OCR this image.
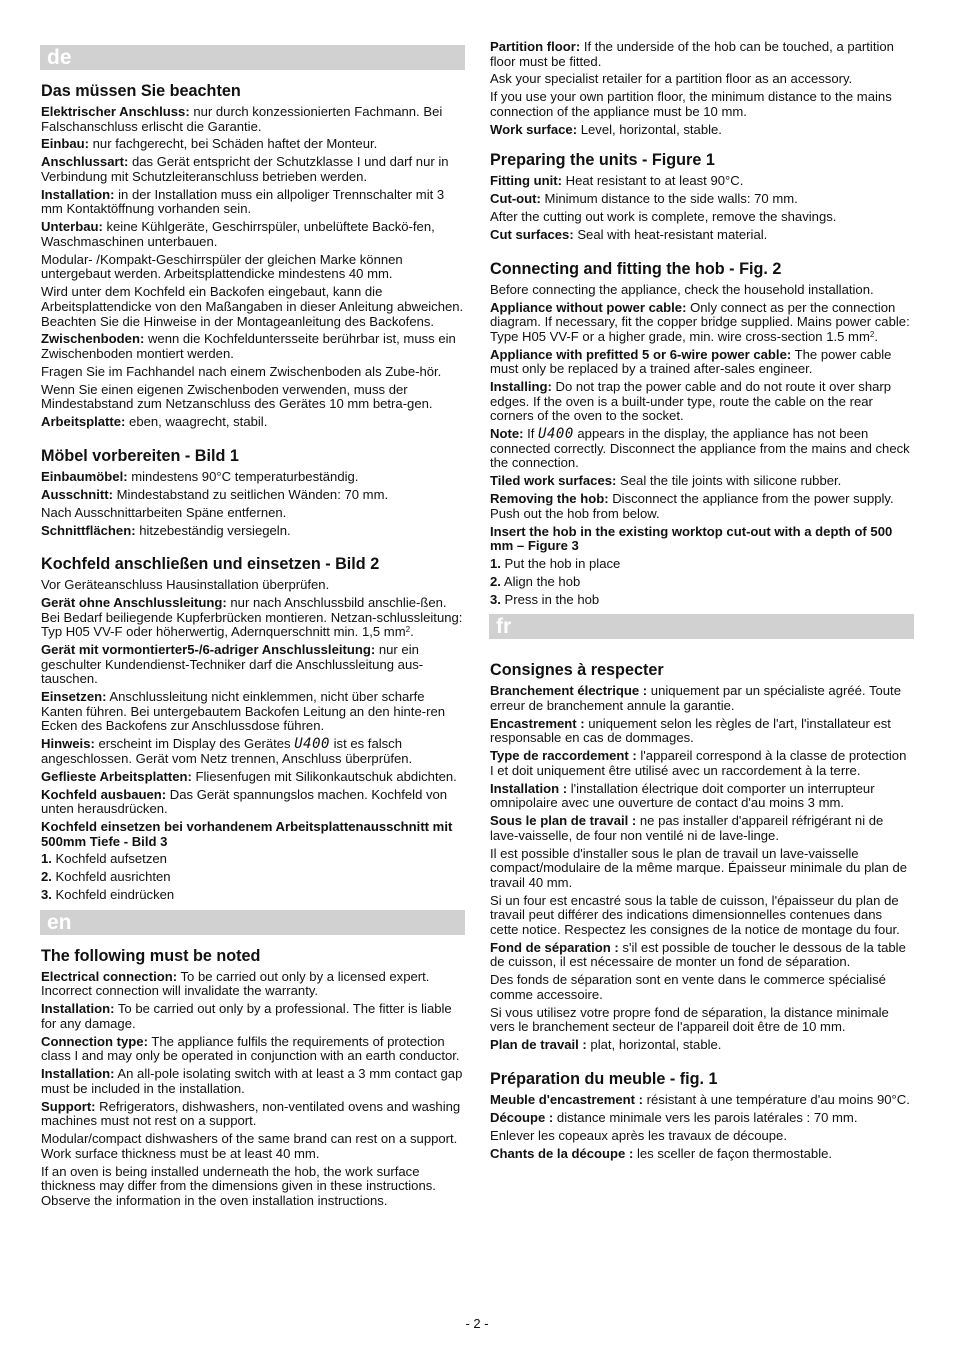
de
Das müssen Sie beachten
Elektrischer Anschluss: nur durch konzessionierten Fachmann. Bei Falschanschluss erlischt die Garantie.
Einbau: nur fachgerecht, bei Schäden haftet der Monteur.
Anschlussart: das Gerät entspricht der Schutzklasse I und darf nur in Verbindung mit Schutzleiteranschluss betrieben werden.
Installation: in der Installation muss ein allpoliger Trennschalter mit 3 mm Kontaktöffnung vorhanden sein.
Unterbau: keine Kühlgeräte, Geschirrspüler, unbelüftete Backö-fen, Waschmaschinen unterbauen.
Modular- /Kompakt-Geschirrspüler der gleichen Marke können untergebaut werden. Arbeitsplattendicke mindestens 40 mm.
Wird unter dem Kochfeld ein Backofen eingebaut, kann die Arbeitsplattendicke von den Maßangaben in dieser Anleitung abweichen. Beachten Sie die Hinweise in der Montageanleitung des Backofens.
Zwischenboden: wenn die Kochfelduntersseite berührbar ist, muss ein Zwischenboden montiert werden.
Fragen Sie im Fachhandel nach einem Zwischenboden als Zube-hör.
Wenn Sie einen eigenen Zwischenboden verwenden, muss der Mindestabstand zum Netzanschluss des Gerätes 10 mm betra-gen.
Arbeitsplatte: eben, waagrecht, stabil.
Möbel vorbereiten - Bild 1
Einbaumöbel: mindestens 90°C temperaturbeständig.
Ausschnitt: Mindestabstand zu seitlichen Wänden: 70 mm.
Nach Ausschnittarbeiten Späne entfernen.
Schnittflächen: hitzebeständig versiegeln.
Kochfeld anschließen und einsetzen - Bild 2
Vor Geräteanschluss Hausinstallation überprüfen.
Gerät ohne Anschlussleitung: nur nach Anschlussbild anschlie-ßen. Bei Bedarf beiliegende Kupferbrücken montieren. Netzan-schlussleitung: Typ H05 VV-F oder höherwertig, Adernquerschnitt min. 1,5 $mm^2$.
Gerät mit vormontierter5-/6-adriger Anschlussleitung: nur ein geschulter Kundendienst-Techniker darf die Anschlussleitung aus-tauschen.
Einsetzen: Anschlussleitung nicht einklemmen, nicht über scharfe Kanten führen. Bei untergebautem Backofen Leitung an den hinte-ren Ecken des Backofens zur Anschlussdose führen.
Hinweis: erscheint im Display des Gerätes U400 ist es falsch angeschlossen. Gerät vom Netz trennen, Anschluss überprüfen.
Geflieste Arbeitsplatten: Fliesenfugen mit Silikonkautschuk abdichten.
Kochfeld ausbauen: Das Gerät spannungslos machen. Kochfeld von unten herausdrücken.
Kochfeld einsetzen bei vorhandenem Arbeitsplattenausschnitt mit 500mm Tiefe - Bild 3
1. Kochfeld aufsetzen
2. Kochfeld ausrichten
3. Kochfeld eindrücken
en
The following must be noted
Electrical connection: To be carried out only by a licensed expert. Incorrect connection will invalidate the warranty.
Installation: To be carried out only by a professional. The fitter is liable for any damage.
Connection type: The appliance fulfils the requirements of protection class I and may only be operated in conjunction with an earth conductor.
Installation: An all-pole isolating switch with at least a 3 mm contact gap must be included in the installation.
Support: Refrigerators, dishwashers, non-ventilated ovens and washing machines must not rest on a support.
Modular/compact dishwashers of the same brand can rest on a support. Work surface thickness must be at least 40 mm.
If an oven is being installed underneath the hob, the work surface thickness may differ from the dimensions given in these instructions. Observe the information in the oven installation instructions.
Partition floor: If the underside of the hob can be touched, a partition floor must be fitted.
Ask your specialist retailer for a partition floor as an accessory.
If you use your own partition floor, the minimum distance to the mains connection of the appliance must be 10 mm.
Work surface: Level, horizontal, stable.
Preparing the units - Figure 1
Fitting unit: Heat resistant to at least 90°C.
Cut-out: Minimum distance to the side walls: 70 mm.
After the cutting out work is complete, remove the shavings.
Cut surfaces: Seal with heat-resistant material.
Connecting and fitting the hob - Fig. 2
Before connecting the appliance, check the household installation.
Appliance without power cable: Only connect as per the connection diagram. If necessary, fit the copper bridge supplied. Mains power cable: Type H05 VV-F or a higher grade, min. wire cross-section 1.5 $mm^2$.
Appliance with prefitted 5 or 6-wire power cable: The power cable must only be replaced by a trained after-sales engineer.
Installing: Do not trap the power cable and do not route it over sharp edges. If the oven is a built-under type, route the cable on the rear corners of the oven to the socket.
Note: If U400 appears in the display, the appliance has not been connected correctly. Disconnect the appliance from the mains and check the connection.
Tiled work surfaces: Seal the tile joints with silicone rubber.
Removing the hob: Disconnect the appliance from the power supply. Push out the hob from below.
Insert the hob in the existing worktop cut-out with a depth of 500 mm – Figure 3
1. Put the hob in place
2. Align the hob
3. Press in the hob
fr
Consignes à respecter
Branchement électrique : uniquement par un spécialiste agréé. Toute erreur de branchement annule la garantie.
Encastrement : uniquement selon les règles de l'art, l'installateur est responsable en cas de dommages.
Type de raccordement : l'appareil correspond à la classe de protection I et doit uniquement être utilisé avec un raccordement à la terre.
Installation : l'installation électrique doit comporter un interrupteur omnipolaire avec une ouverture de contact d'au moins 3 mm.
Sous le plan de travail : ne pas installer d'appareil réfrigérant ni de lave-vaisselle, de four non ventilé ni de lave-linge.
Il est possible d'installer sous le plan de travail un lave-vaisselle compact/modulaire de la même marque. Épaisseur minimale du plan de travail 40 mm.
Si un four est encastré sous la table de cuisson, l'épaisseur du plan de travail peut différer des indications dimensionnelles contenues dans cette notice. Respectez les consignes de la notice de montage du four.
Fond de séparation : s'il est possible de toucher le dessous de la table de cuisson, il est nécessaire de monter un fond de séparation.
Des fonds de séparation sont en vente dans le commerce spécialisé comme accessoire.
Si vous utilisez votre propre fond de séparation, la distance minimale vers le branchement secteur de l'appareil doit être de 10 mm.
Plan de travail : plat, horizontal, stable.
Préparation du meuble - fig. 1
Meuble d'encastrement : résistant à une température d'au moins 90°C.
Découpe : distance minimale vers les parois latérales : 70 mm.
Enlever les copeaux après les travaux de découpe.
Chants de la découpe : les sceller de façon thermostable.
- 2 -
